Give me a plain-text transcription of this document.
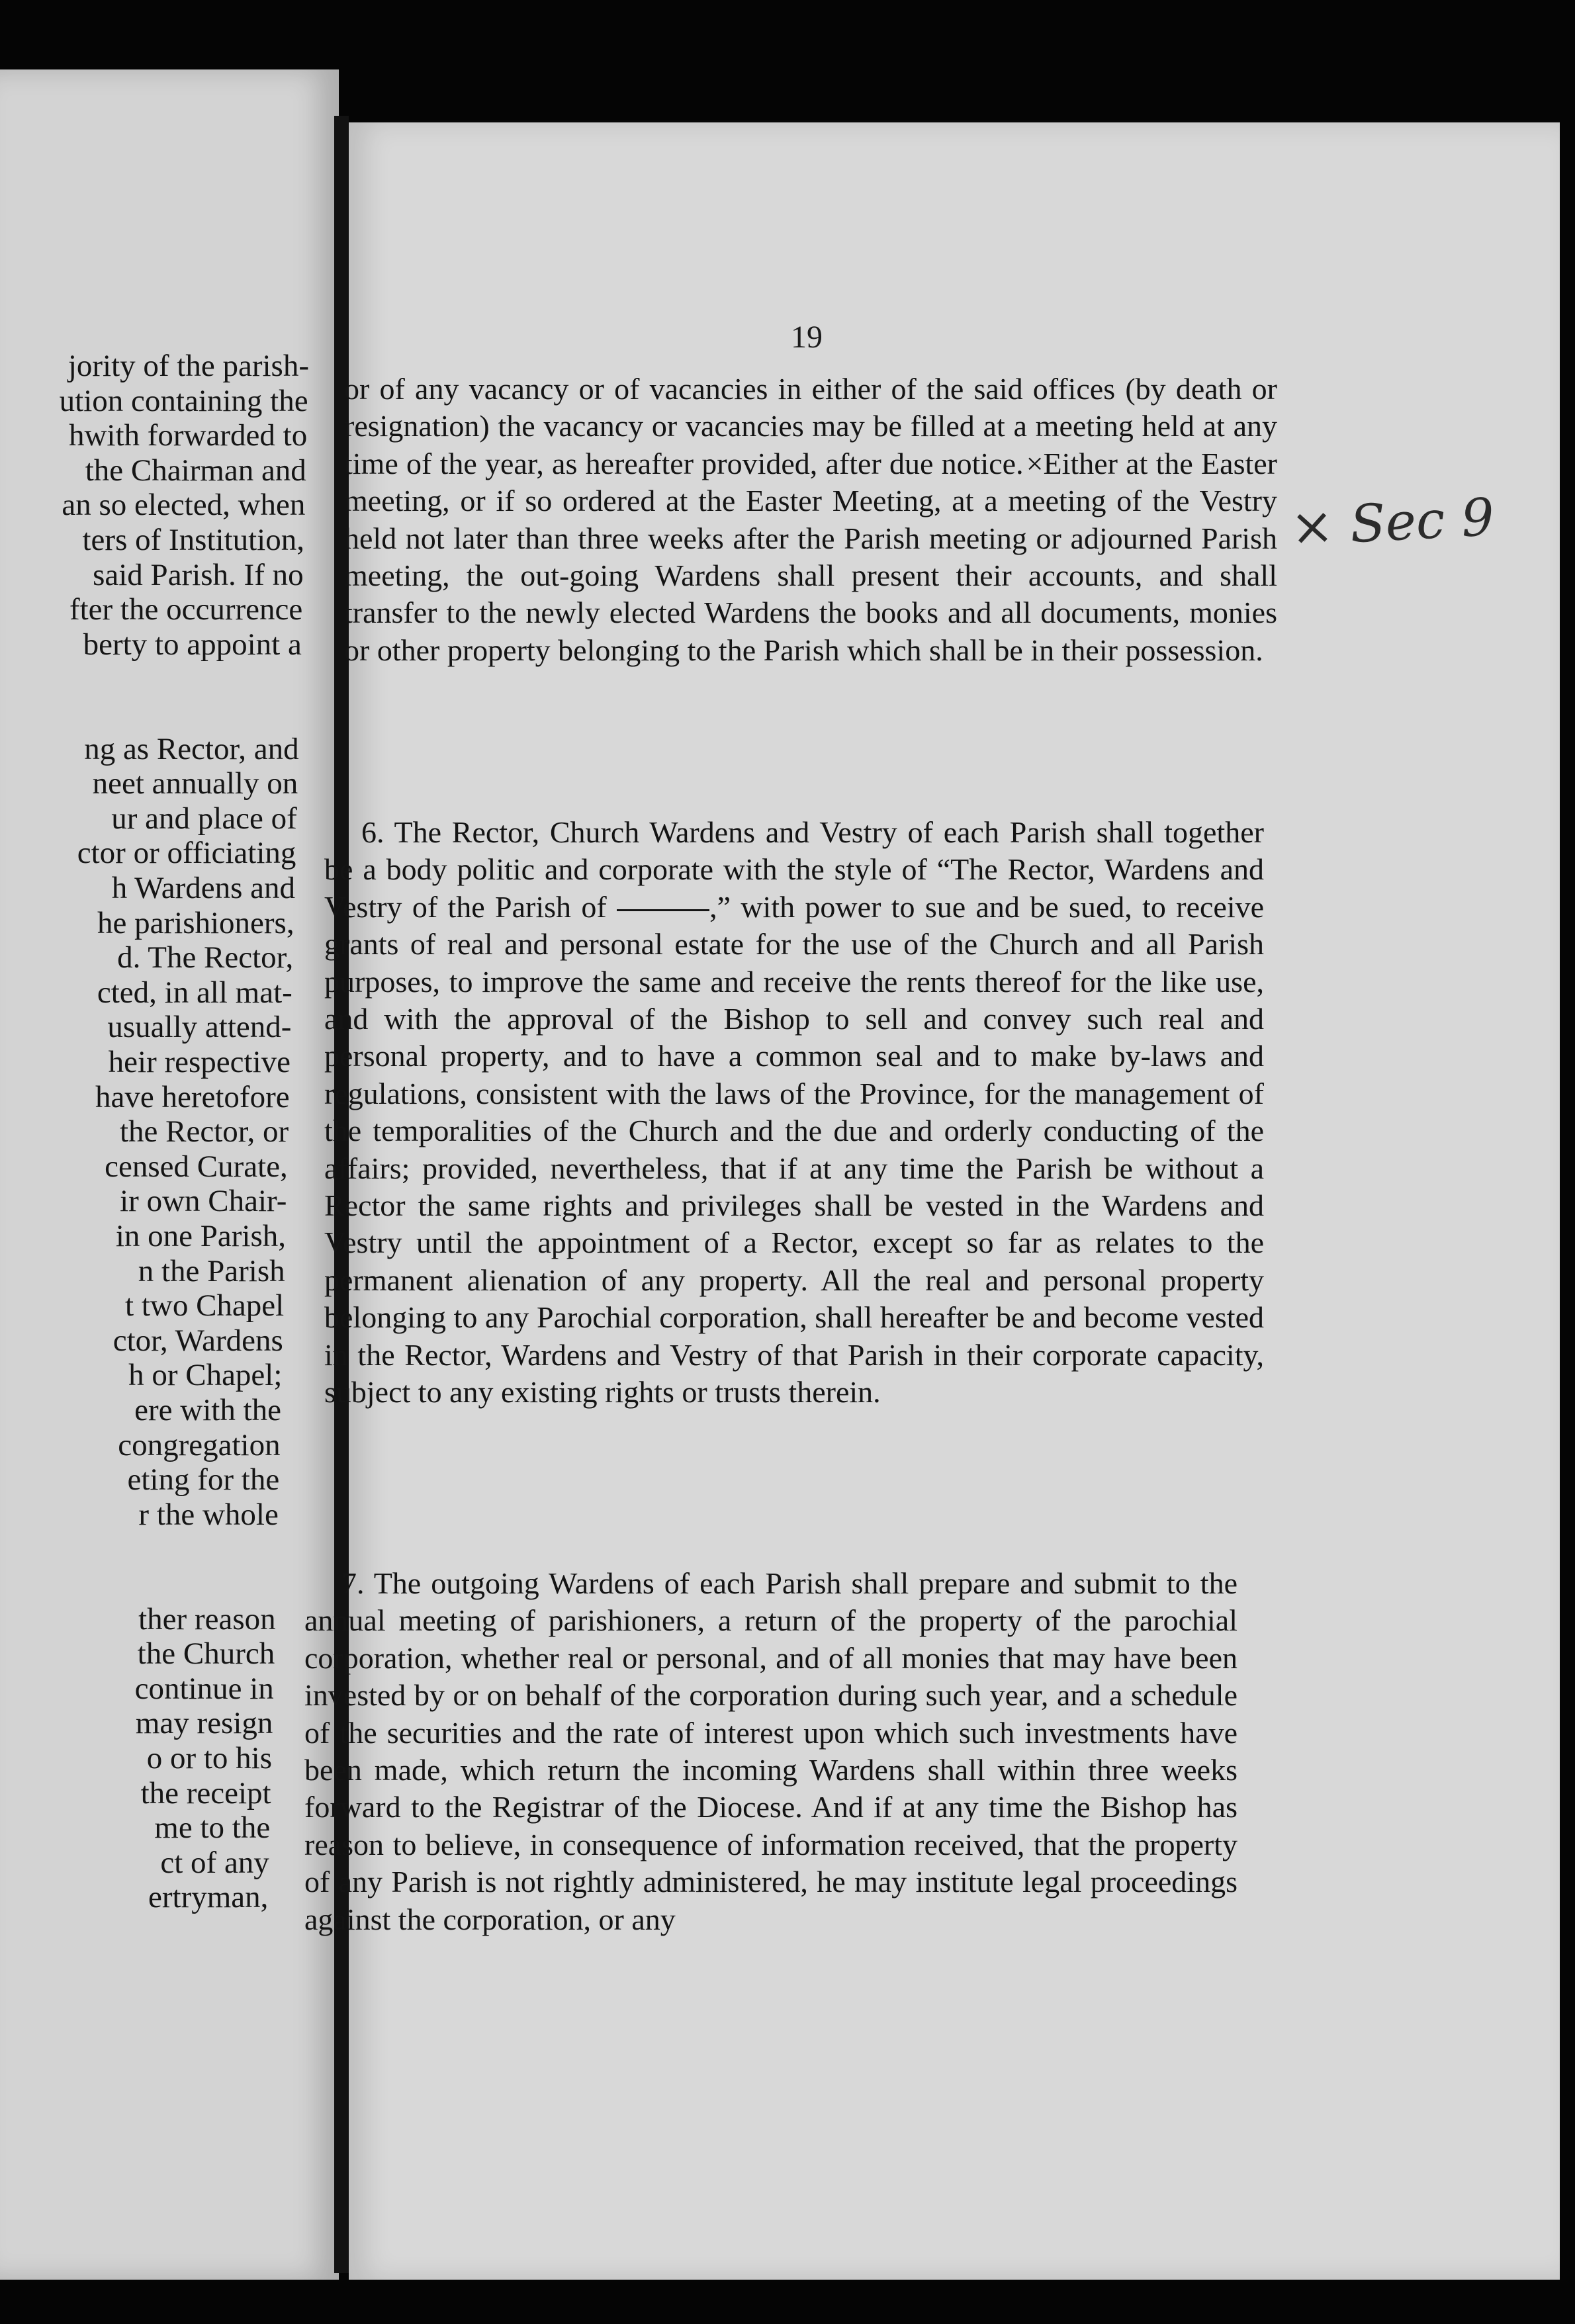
jority of the parish-
ution containing the
hwith forwarded to
the Chairman and
an so elected, when
ters of Institution,
said Parish. If no
fter the occurrence
berty to appoint a
ng as Rector, and
neet annually on
ur and place of
ctor or officiating
h Wardens and
he parishioners,
d. The Rector,
cted, in all mat-
usually attend-
heir respective
have heretofore
the Rector, or
censed Curate,
ir own Chair-
in one Parish,
n the Parish
t two Chapel
ctor, Wardens
h or Chapel;
ere with the
congregation
eting for the
r the whole
ther reason
the Church
continue in
may resign
o or to his
the receipt
me to the
ct of any
ertryman,
19

or of any vacancy or of vacancies in either of the said offices (by death or resignation) the vacancy or vacancies may be filled at a meeting held at any time of the year, as hereafter provided, after due notice.×Either at the Easter meeting, or if so ordered at the Easter Meeting, at a meeting of the Vestry held not later than three weeks after the Parish meeting or adjourned Parish meeting, the out-going Wardens shall present their accounts, and shall transfer to the newly elected Wardens the books and all documents, monies or other property belonging to the Parish which shall be in their possession.

6. The Rector, Church Wardens and Vestry of each Parish shall together be a body politic and corporate with the style of “The Rector, Wardens and Vestry of the Parish of	,” with power to sue and be sued, to receive grants of real and personal estate for the use of the Church and all Parish purposes, to improve the same and receive the rents thereof for the like use, and with the approval of the Bishop to sell and convey such real and personal property, and to have a common seal and to make by-laws and regulations, consistent with the laws of the Province, for the management of the temporalities of the Church and the due and orderly conducting of the affairs; provided, nevertheless, that if at any time the Parish be without a Rector the same rights and privileges shall be vested in the Wardens and Vestry until the appointment of a Rector, except so far as relates to the permanent alienation of any property. All the real and personal property belonging to any Parochial corporation, shall hereafter be and become vested in the Rector, Wardens and Vestry of that Parish in their corporate capacity, subject to any existing rights or trusts therein.

7. The outgoing Wardens of each Parish shall prepare and submit to the annual meeting of parishioners, a return of the property of the parochial corporation, whether real or personal, and of all monies that may have been invested by or on behalf of the corporation during such year, and a schedule of the securities and the rate of interest upon which such investments have been made, which return the incoming Wardens shall within three weeks forward to the Registrar of the Diocese. And if at any time the Bishop has reason to believe, in consequence of information received, that the property of any Parish is not rightly administered, he may institute legal proceedings against the corporation, or any

× Sec 9
